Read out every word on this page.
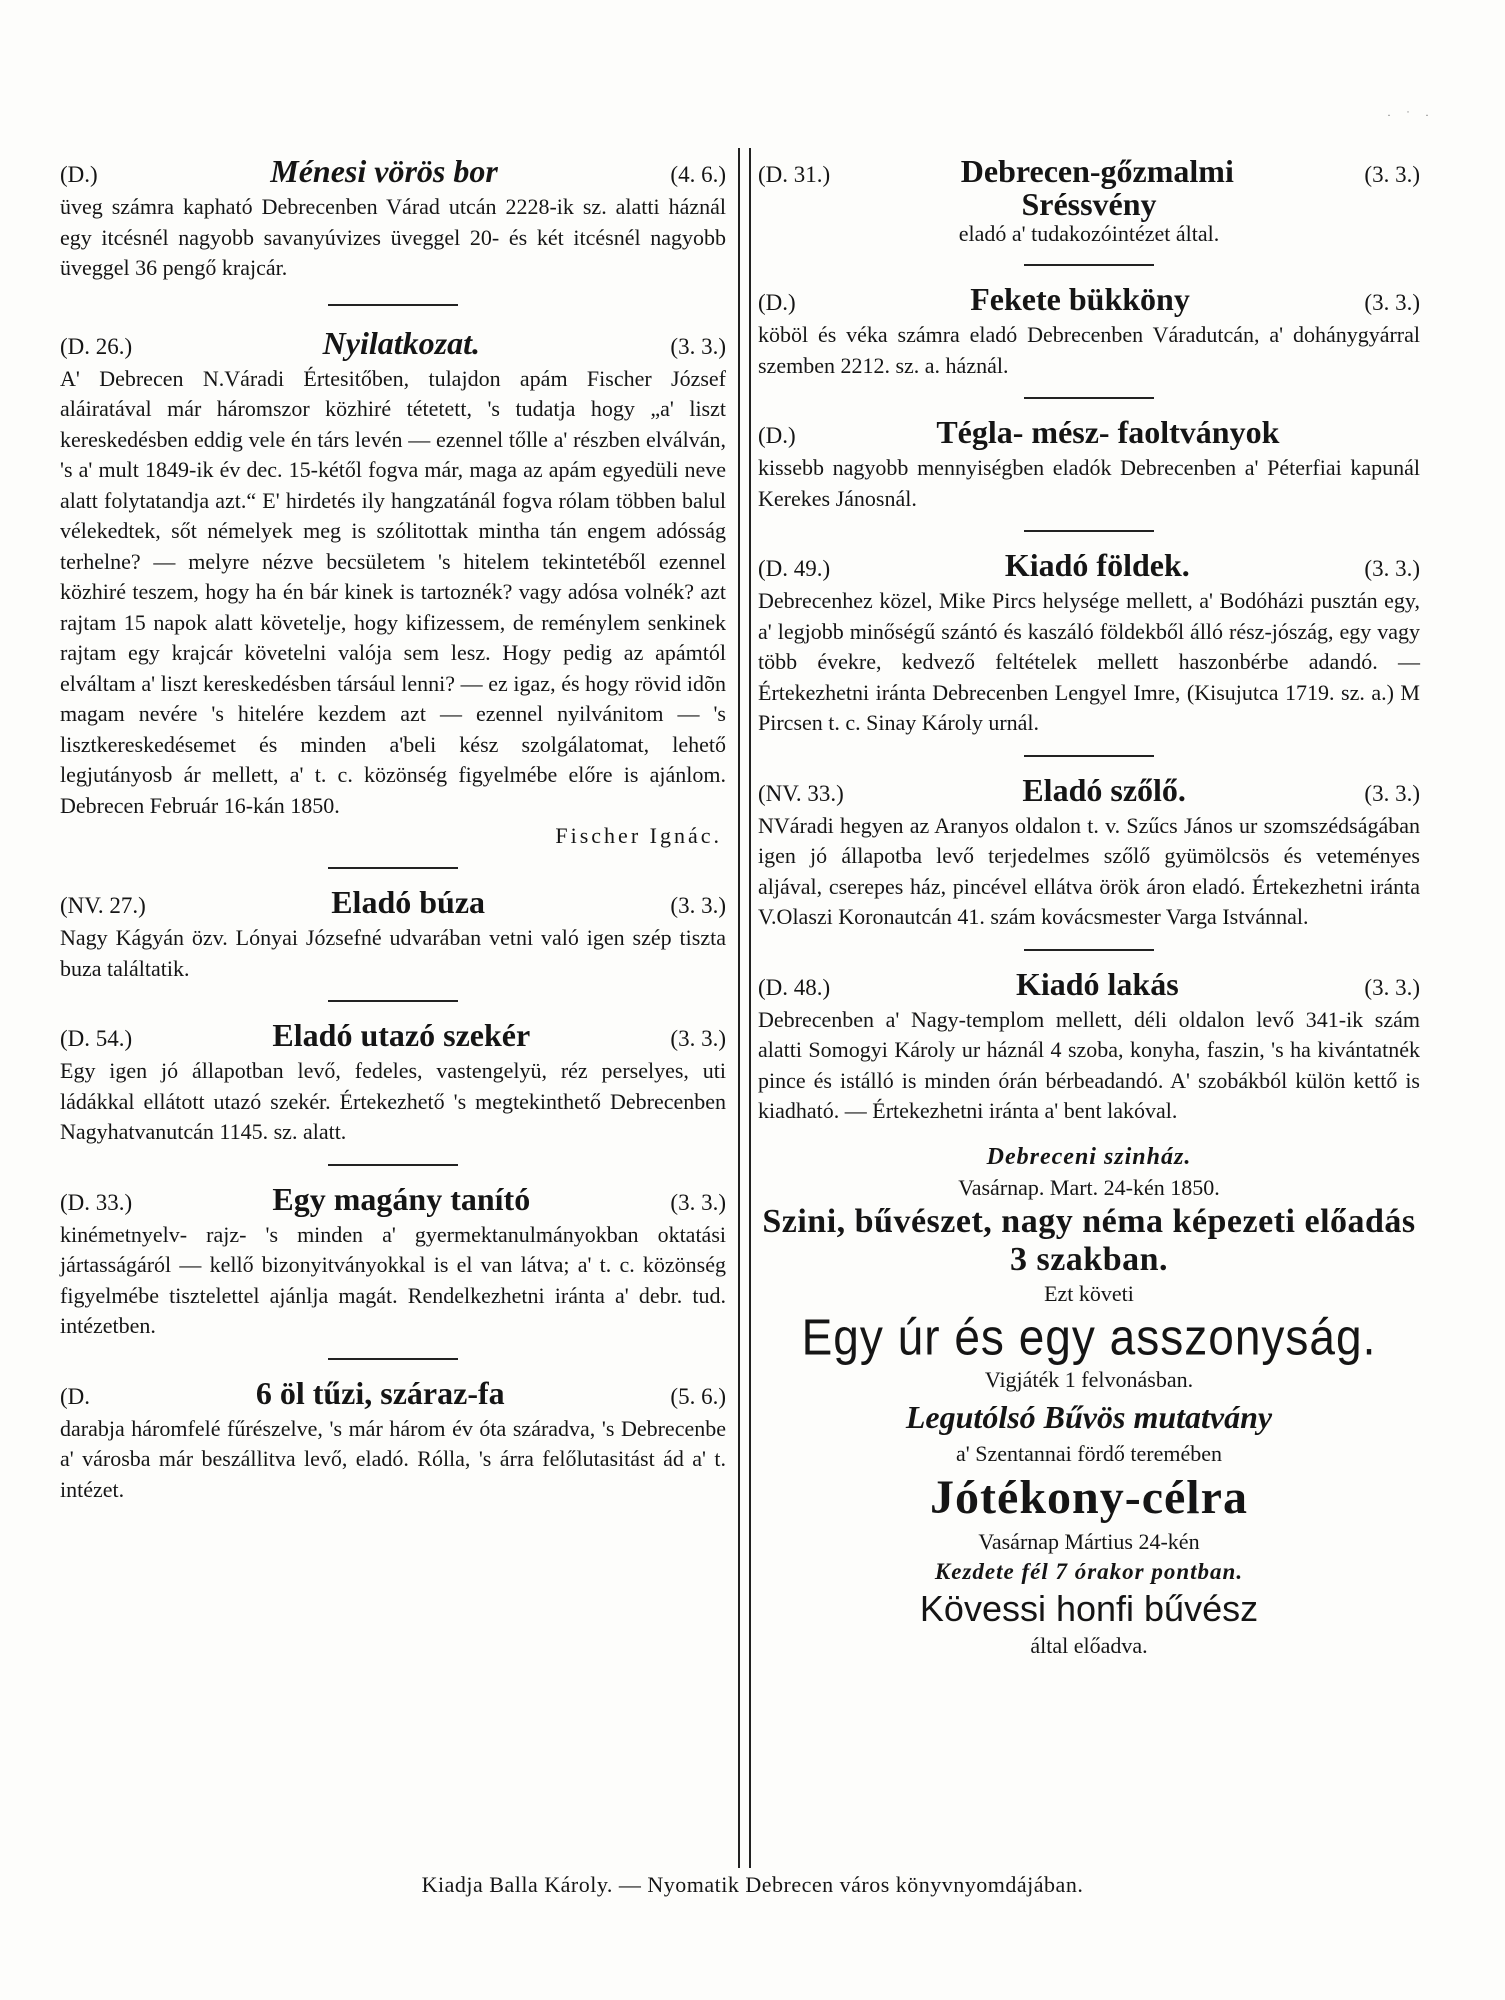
· ˙ ·
(D.)	Ménesi vörös bor	(4. 6.)
üveg számra kapható Debrecenben Várad utcán 2228-ik sz. alatti háznál egy itcésnél nagyobb savanyúvizes üveggel 20- és két itcésnél nagyobb üveggel 36 pengő krajcár.
(D. 26.)	Nyilatkozat.	(3. 3.)
A' Debrecen N.Váradi Értesitőben, tulajdon apám Fischer József aláiratával már háromszor közhiré tétetett, 's tudatja hogy „a' liszt kereskedésben eddig vele én társ levén — ezennel tőlle a' részben elválván, 's a' mult 1849-ik év dec. 15-kétől fogva már, maga az apám egyedüli neve alatt folytatandja azt.“ E' hirdetés ily hangzatánál fogva rólam többen balul vélekedtek, sőt némelyek meg is szólitottak mintha tán engem adósság terhelne? — melyre nézve becsületem 's hitelem tekintetéből ezennel közhiré teszem, hogy ha én bár kinek is tartoznék? vagy adósa volnék? azt rajtam 15 napok alatt követelje, hogy kifizessem, de reménylem senkinek rajtam egy krajcár követelni valója sem lesz. Hogy pedig az apámtól elváltam a' liszt kereskedésben társául lenni? — ez igaz, és hogy rövid idõn magam nevére 's hitelére kezdem azt — ezennel nyilvánitom — 's lisztkereskedésemet és minden a'beli kész szolgálatomat, lehető legjutányosb ár mellett, a' t. c. közönség figyelmébe előre is ajánlom. Debrecen Február 16-kán 1850.
Fischer Ignác.
(NV. 27.)	Eladó búza	(3. 3.)
Nagy Kágyán özv. Lónyai Józsefné udvarában vetni való igen szép tiszta buza találtatik.
(D. 54.)	Eladó utazó szekér	(3. 3.)
Egy igen jó állapotban levő, fedeles, vastengelyü, réz perselyes, uti ládákkal ellátott utazó szekér. Értekezhető 's megtekinthető Debrecenben Nagyhatvanutcán 1145. sz. alatt.
(D. 33.)	Egy magány tanító	(3. 3.)
kinémetnyelv- rajz- 's minden a' gyermektanulmányokban oktatási jártasságáról — kellő bizonyitványokkal is el van látva; a' t. c. közönség figyelmébe tisztelettel ajánlja magát. Rendelkezhetni iránta a' debr. tud. intézetben.
(D.	6 öl tűzi, száraz-fa	(5. 6.)
darabja háromfelé fűrészelve, 's már három év óta száradva, 's Debrecenbe a' városba már beszállitva levő, eladó. Rólla, 's árra felőlutasitást ád a' t. intézet.
(D. 31.)	Debrecen-gőzmalmi	(3. 3.)
Sréssvény
eladó a' tudakozóintézet által.
(D.)	Fekete bükköny	(3. 3.)
köböl és véka számra eladó Debrecenben Váradutcán, a' dohánygyárral szemben 2212. sz. a. háznál.
(D.)	Tégla- mész- faoltványok
kissebb nagyobb mennyiségben eladók Debrecenben a' Péterfiai kapunál Kerekes Jánosnál.
(D. 49.)	Kiadó földek.	(3. 3.)
Debrecenhez közel, Mike Pircs helysége mellett, a' Bodóházi pusztán egy, a' legjobb minőségű szántó és kaszáló földekből álló rész-jószág, egy vagy több évekre, kedvező feltételek mellett haszonbérbe adandó. — Értekezhetni iránta Debrecenben Lengyel Imre, (Kisujutca 1719. sz. a.) M Pircsen t. c. Sinay Károly urnál.
(NV. 33.)	Eladó szőlő.	(3. 3.)
NVáradi hegyen az Aranyos oldalon t. v. Szűcs János ur szomszédságában igen jó állapotba levő terjedelmes szőlő gyümölcsös és veteményes aljával, cserepes ház, pincével ellátva örök áron eladó. Értekezhetni iránta V.Olaszi Koronautcán 41. szám kovácsmester Varga Istvánnal.
(D. 48.)	Kiadó lakás	(3. 3.)
Debrecenben a' Nagy-templom mellett, déli oldalon levő 341-ik szám alatti Somogyi Károly ur háznál 4 szoba, konyha, faszin, 's ha kivántatnék pince és istálló is minden órán bérbeadandó. A' szobákból külön kettő is kiadható. — Értekezhetni iránta a' bent lakóval.
Debreceni szinház.
Vasárnap. Mart. 24-kén 1850.
Szini, bűvészet, nagy néma képezeti előadás 3 szakban.
Ezt követi
Egy úr és egy asszonyság.
Vigjáték 1 felvonásban.
Legutólsó Bűvös mutatvány
a' Szentannai fördő teremében
Jótékony-célra
Vasárnap Mártius 24-kén
Kezdete fél 7 órakor pontban.
Kövessi honfi bűvész
által előadva.
Kiadja Balla Károly. — Nyomatik Debrecen város könyvnyomdájában.
